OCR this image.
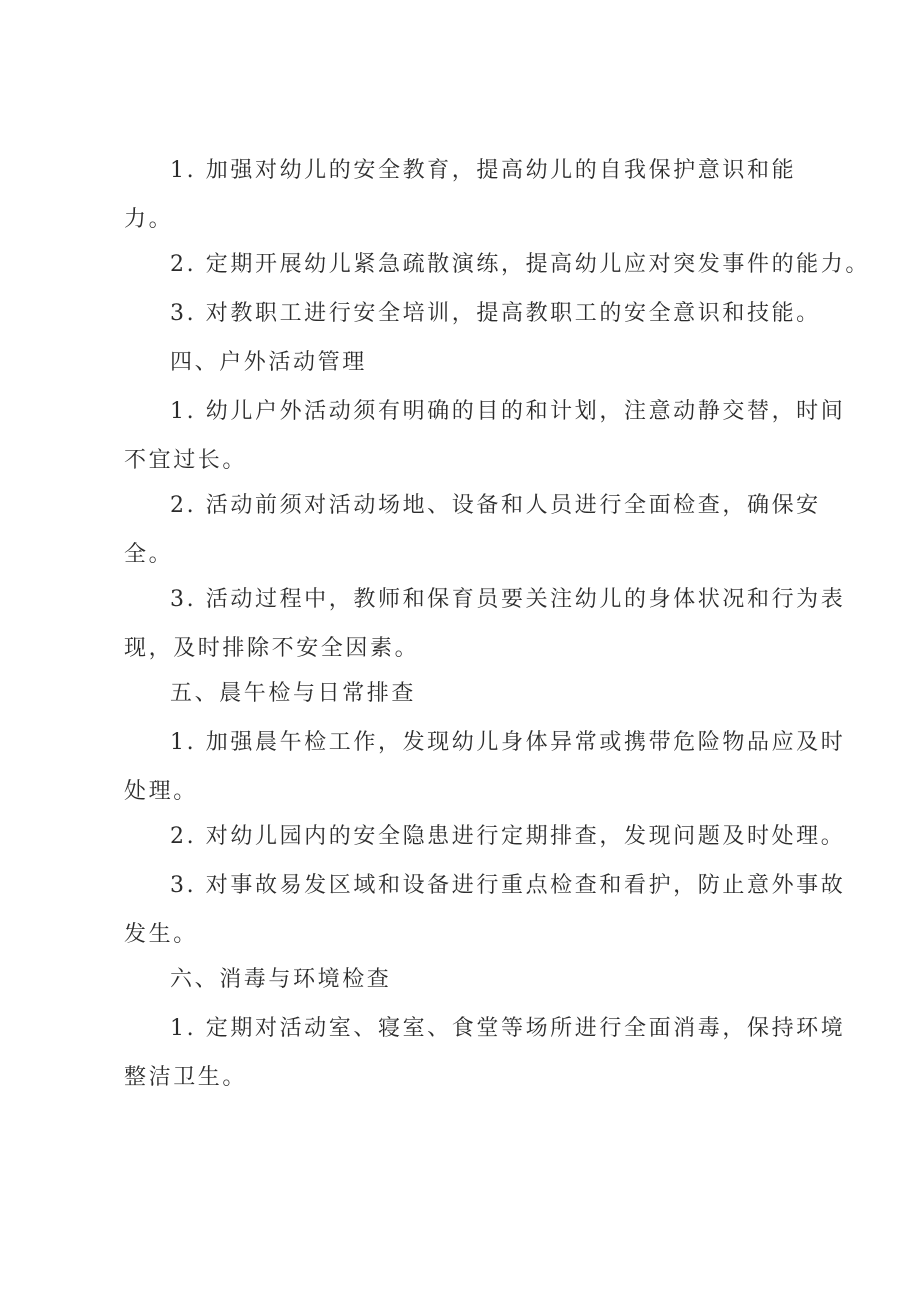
1. 加强对幼儿的安全教育，提高幼儿的自我保护意识和能
力。
2. 定期开展幼儿紧急疏散演练，提高幼儿应对突发事件的能力。
3. 对教职工进行安全培训，提高教职工的安全意识和技能。
四、户外活动管理
1. 幼儿户外活动须有明确的目的和计划，注意动静交替，时间
不宜过长。
2. 活动前须对活动场地、设备和人员进行全面检查，确保安
全。
3. 活动过程中，教师和保育员要关注幼儿的身体状况和行为表
现，及时排除不安全因素。
五、晨午检与日常排查
1. 加强晨午检工作，发现幼儿身体异常或携带危险物品应及时
处理。
2. 对幼儿园内的安全隐患进行定期排查，发现问题及时处理。
3. 对事故易发区域和设备进行重点检查和看护，防止意外事故
发生。
六、消毒与环境检查
1. 定期对活动室、寝室、食堂等场所进行全面消毒，保持环境
整洁卫生。
